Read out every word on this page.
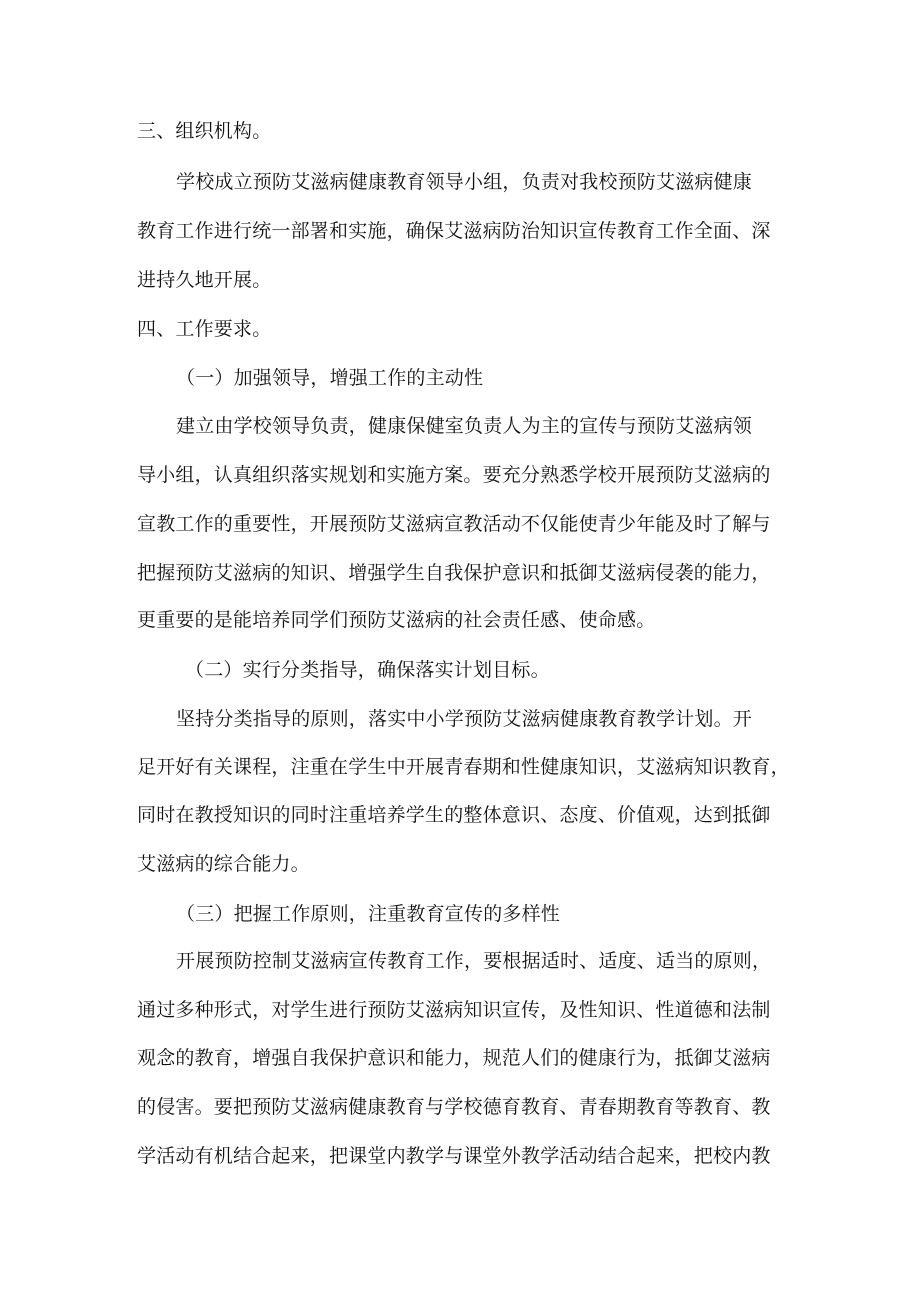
三、组织机构。
学校成立预防艾滋病健康教育领导小组，负责对我校预防艾滋病健康
教育工作进行统一部署和实施，确保艾滋病防治知识宣传教育工作全面、深
进持久地开展。
四、工作要求。
（一）加强领导，增强工作的主动性
建立由学校领导负责，健康保健室负责人为主的宣传与预防艾滋病领
导小组，认真组织落实规划和实施方案。要充分熟悉学校开展预防艾滋病的
宣教工作的重要性，开展预防艾滋病宣教活动不仅能使青少年能及时了解与
把握预防艾滋病的知识、增强学生自我保护意识和抵御艾滋病侵袭的能力，
更重要的是能培养同学们预防艾滋病的社会责任感、使命感。
（二）实行分类指导，确保落实计划目标。
坚持分类指导的原则，落实中小学预防艾滋病健康教育教学计划。开
足开好有关课程，注重在学生中开展青春期和性健康知识，艾滋病知识教育，
同时在教授知识的同时注重培养学生的整体意识、态度、价值观，达到抵御
艾滋病的综合能力。
（三）把握工作原则，注重教育宣传的多样性
开展预防控制艾滋病宣传教育工作，要根据适时、适度、适当的原则，
通过多种形式，对学生进行预防艾滋病知识宣传，及性知识、性道德和法制
观念的教育，增强自我保护意识和能力，规范人们的健康行为，抵御艾滋病
的侵害。要把预防艾滋病健康教育与学校德育教育、青春期教育等教育、教
学活动有机结合起来，把课堂内教学与课堂外教学活动结合起来，把校内教
